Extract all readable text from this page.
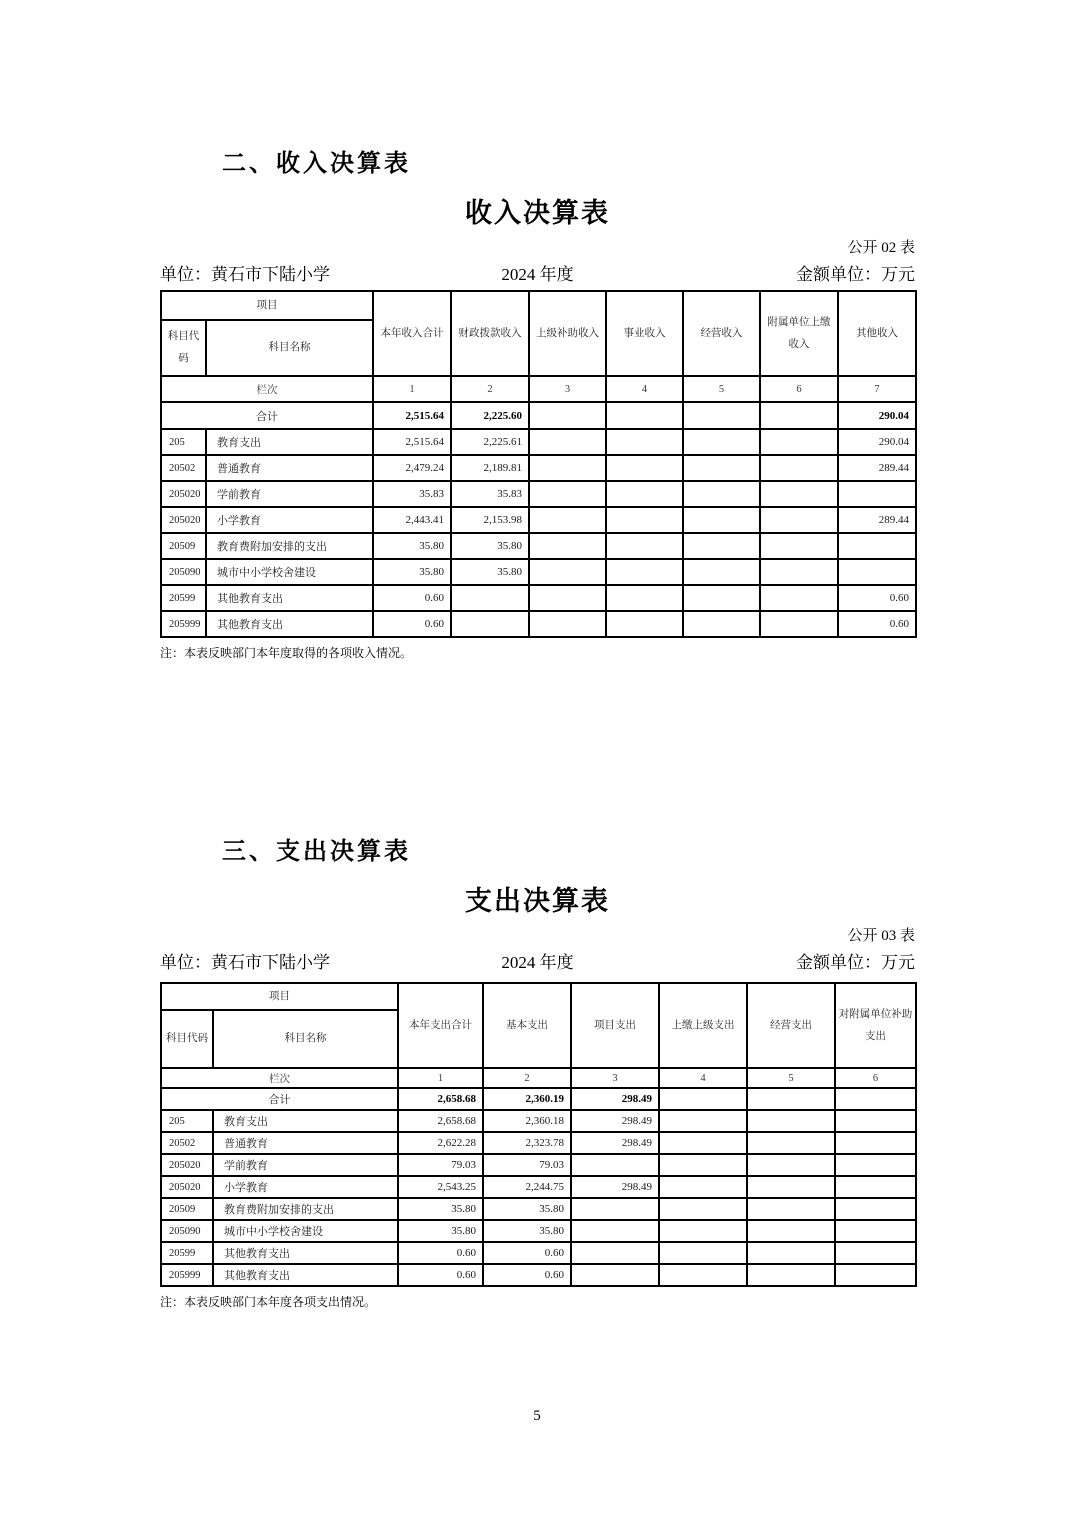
二、收入决算表
收入决算表
公开 02 表
单位：黄石市下陆小学	2024 年度	金额单位：万元
项目		本年收入合计	财政拨款收入	上级补助收入	事业收入	经营收入	附属单位上缴收入	其他收入
科目代码	科目名称							
栏次		1	2	3	4	5	6	7
合计		2,515.64	2,225.60					290.04
205	教育支出	2,515.64	2,225.61					290.04
20502	普通教育	2,479.24	2,189.81					289.44
205020	学前教育	35.83	35.83					
205020	小学教育	2,443.41	2,153.98					289.44
20509	教育费附加安排的支出	35.80	35.80					
205090	城市中小学校舍建设	35.80	35.80					
20599	其他教育支出	0.60						0.60
205999	其他教育支出	0.60						0.60
注：本表反映部门本年度取得的各项收入情况。
三、支出决算表
支出决算表
公开 03 表
单位：黄石市下陆小学	2024 年度	金额单位：万元
项目		本年支出合计	基本支出	项目支出	上缴上级支出	经营支出	对附属单位补助支出
科目代码	科目名称						
栏次		1	2	3	4	5	6
合计		2,658.68	2,360.19	298.49			
205	教育支出	2,658.68	2,360.18	298.49			
20502	普通教育	2,622.28	2,323.78	298.49			
205020	学前教育	79.03	79.03				
205020	小学教育	2,543.25	2,244.75	298.49			
20509	教育费附加安排的支出	35.80	35.80				
205090	城市中小学校舍建设	35.80	35.80				
20599	其他教育支出	0.60	0.60				
205999	其他教育支出	0.60	0.60				
注：本表反映部门本年度各项支出情况。
5
